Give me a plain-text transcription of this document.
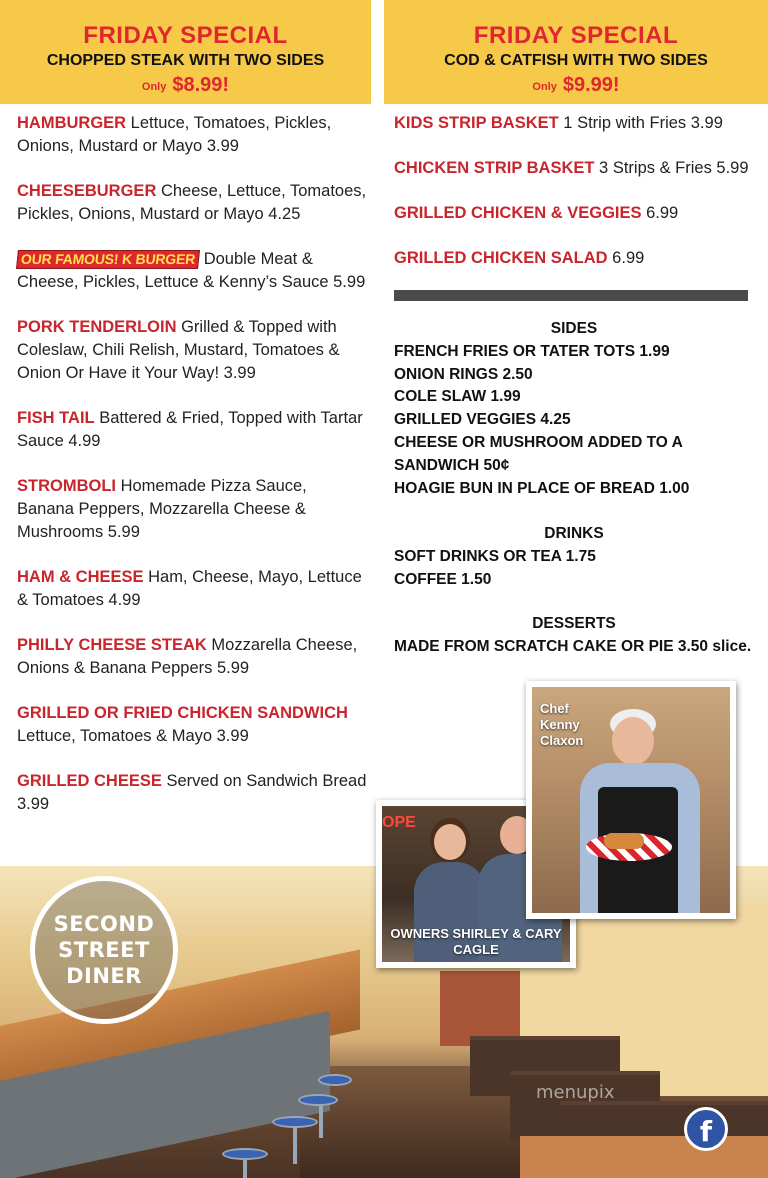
FRIDAY SPECIAL
CHOPPED STEAK WITH TWO SIDES
$^{Only}$ $8.99!
FRIDAY SPECIAL
COD & CATFISH WITH TWO SIDES
$^{Only}$ $9.99!
HAMBURGER Lettuce, Tomatoes, Pickles, Onions, Mustard or Mayo 3.99
CHEESEBURGER Cheese, Lettuce, Tomatoes, Pickles, Onions, Mustard or Mayo 4.25
OUR FAMOUS! K BURGER Double Meat & Cheese, Pickles, Lettuce & Kenny’s Sauce 5.99
PORK TENDERLOIN Grilled & Topped with Coleslaw, Chili Relish, Mustard, Tomatoes & Onion Or Have it Your Way! 3.99
FISH TAIL Battered & Fried, Topped with Tartar Sauce 4.99
STROMBOLI Homemade Pizza Sauce, Banana Peppers, Mozzarella Cheese & Mushrooms 5.99
HAM & CHEESE Ham, Cheese, Mayo, Lettuce & Tomatoes 4.99
PHILLY CHEESE STEAK Mozzarella Cheese, Onions & Banana Peppers 5.99
GRILLED OR FRIED CHICKEN SANDWICH
Lettuce, Tomatoes & Mayo 3.99
GRILLED CHEESE Served on Sandwich Bread 3.99
KIDS STRIP BASKET 1 Strip with Fries 3.99
CHICKEN STRIP BASKET 3 Strips & Fries 5.99
GRILLED CHICKEN & VEGGIES 6.99
GRILLED CHICKEN SALAD 6.99
SIDES
FRENCH FRIES OR TATER TOTS 1.99
ONION RINGS 2.50
COLE SLAW 1.99
GRILLED VEGGIES 4.25
CHEESE OR MUSHROOM ADDED TO A SANDWICH 50¢
HOAGIE BUN IN PLACE OF BREAD 1.00
DRINKS
SOFT DRINKS OR TEA 1.75
COFFEE 1.50
DESSERTS
MADE FROM SCRATCH CAKE OR PIE 3.50 slice.
SECOND
STREET
DINER
OPE
OWNERS SHIRLEY & CARY CAGLE
Chef Kenny Claxon
menupix
f
